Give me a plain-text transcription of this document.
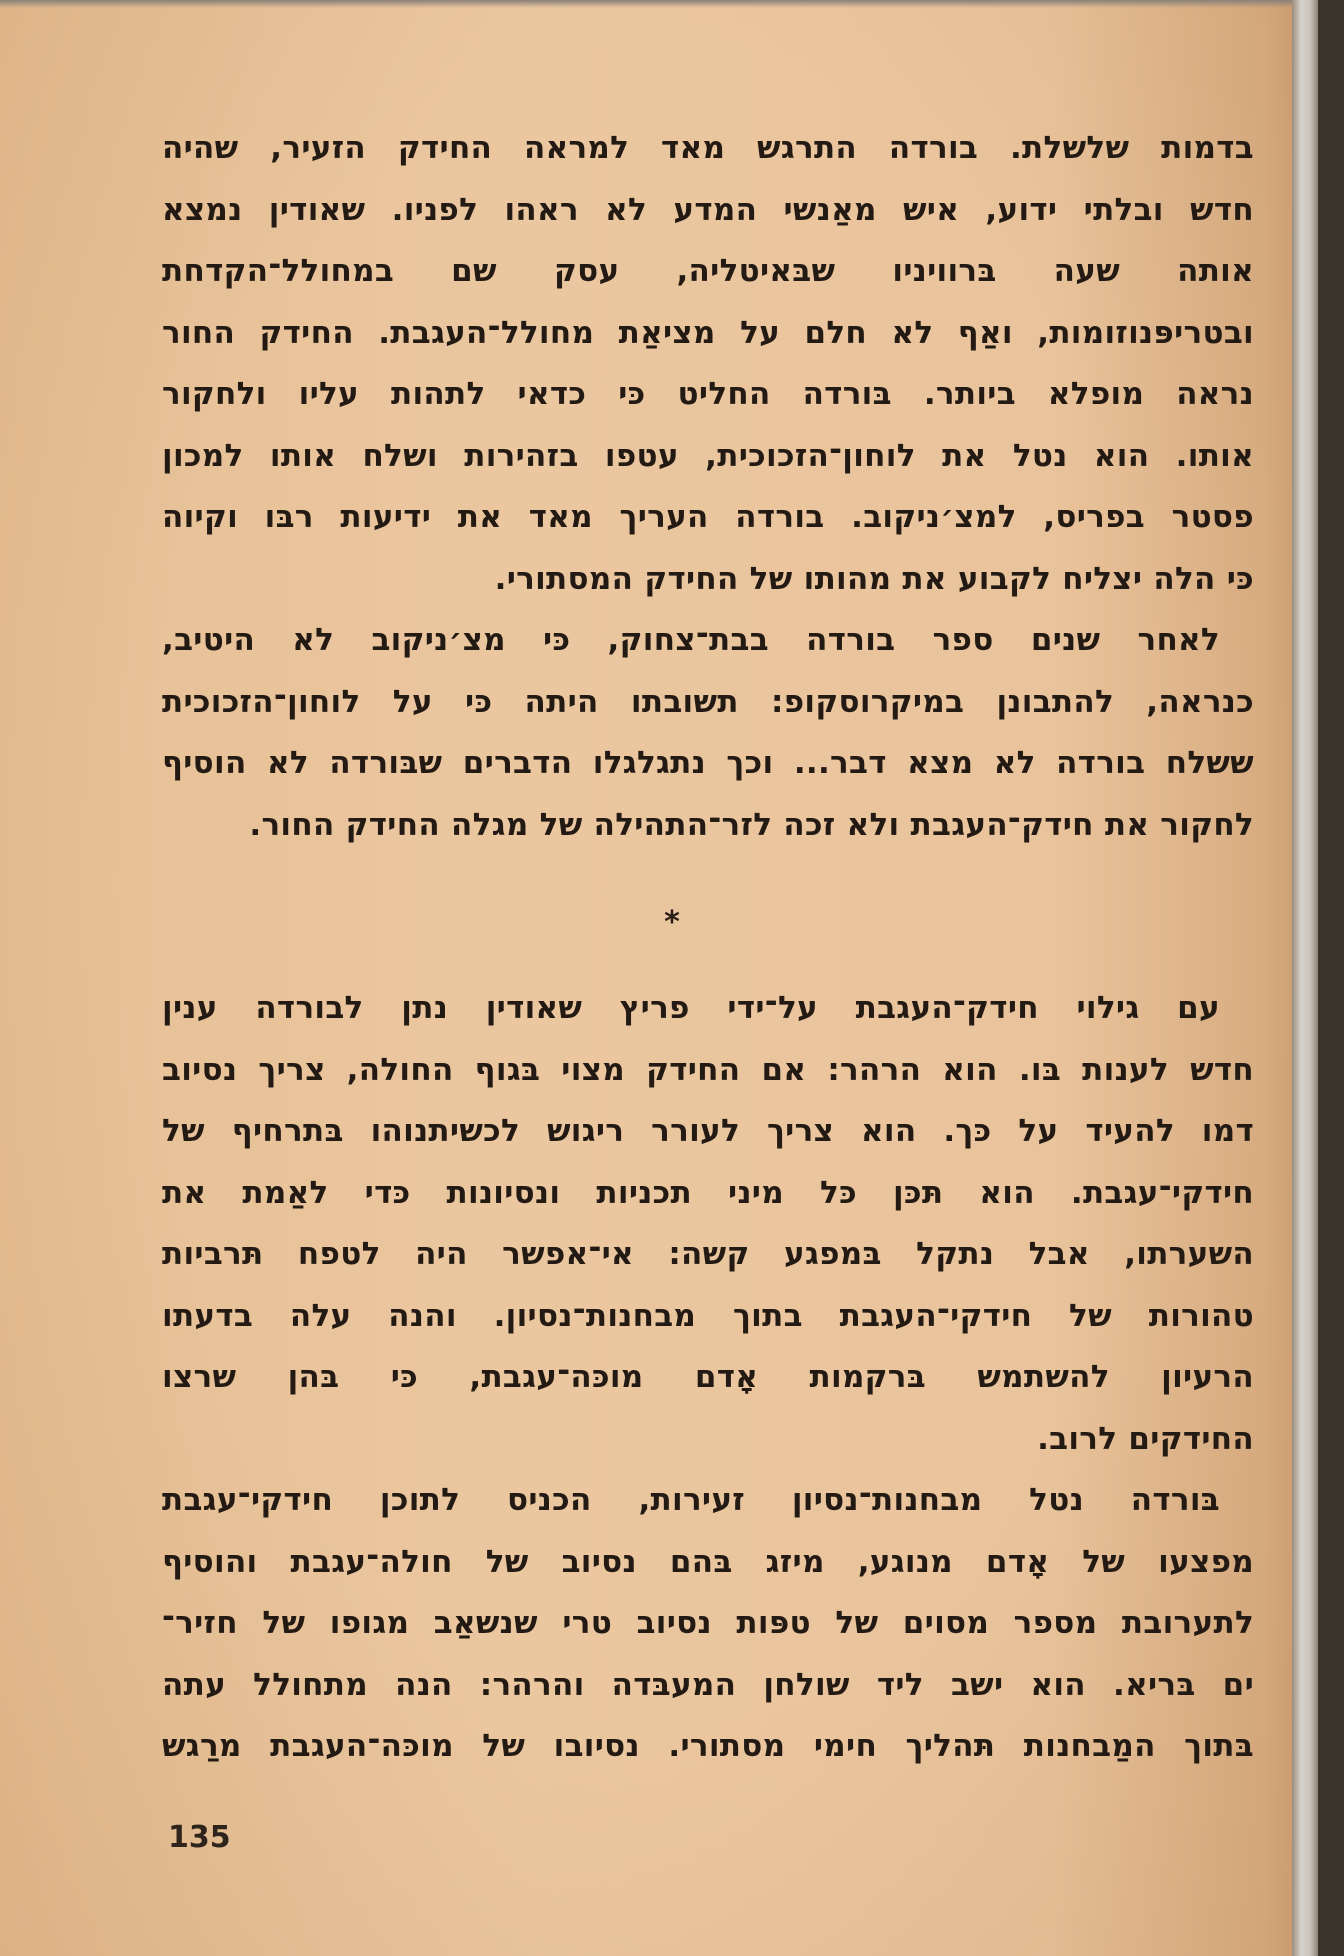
בדמות שלשלת. בורדה התרגש מאד למראה החידק הזעיר, שהיה
חדש ובלתי ידוע, איש מאַנשי המדע לא ראהו לפניו. שאודין נמצא
אותה שעה בּרוויניו שבּאיטליה, עסק שם במחולל־הקדחת
ובטריפּנוזומות, ואַף לא חלם על מציאַת מחולל־העגבת. החידק החור
נראה מופלא ביותר. בּורדה החליט כּי כדאי לתהות עליו ולחקור
אותו. הוא נטל את לוחון־הזכוכית, עטפו בזהירות ושלח אותו למכון
פסטר בפריס, למצ׳ניקוב. בורדה העריך מאד את ידיעות רבּו וקיוה
כּי הלה יצליח לקבוע את מהותו של החידק המסתורי.
לאחר שנים ספר בורדה בבת־צחוק, כּי מצ׳ניקוב לא היטיב,
כנראה, להתבונן במיקרוסקופ: תשובתו היתה כּי על לוחון־הזכוכית
ששלח בורדה לא מצא דבר... וכך נתגלגלו הדברים שבּורדה לא הוסיף
לחקור את חידק־העגבת ולא זכה לזר־התהילה של מגלה החידק החור.
עם גילוי חידק־העגבת על־ידי פריץ שאודין נתן לבורדה ענין
חדש לענות בּו. הוא הרהר: אם החידק מצוי בּגוף החולה, צריך נסיוב
דמו להעיד על כּך. הוא צריך לעורר ריגוש לכשיתנוהו בּתרחיף של
חידקי־עגבת. הוא תּכּן כּל מיני תכניות ונסיונות כּדי לאַמת את
השערתו, אבל נתקל בּמפגע קשה: אי־אפשר היה לטפח תּרביות
טהורות של חידקי־העגבת בתוך מבחנות־נסיון. והנה עלה בדעתו
הרעיון להשתמש בּרקמות אָדם מוכּה־עגבת, כּי בּהן שרצו
החידקים לרוב.
בּורדה נטל מבחנות־נסיון זעירות, הכניס לתוכן חידקי־עגבת
מפצעו של אָדם מנוגע, מיזג בּהם נסיוב של חולה־עגבת והוסיף
לתערובת מספר מסוים של טפּות נסיוב טרי שנשאַב מגופו של חזיר־
ים בּריא. הוא ישב ליד שולחן המעבּדה והרהר: הנה מתחולל עתה
בּתוך המַבחנות תּהליך חימי מסתורי. נסיובו של מוכּה־העגבת מרַגש
*
135
